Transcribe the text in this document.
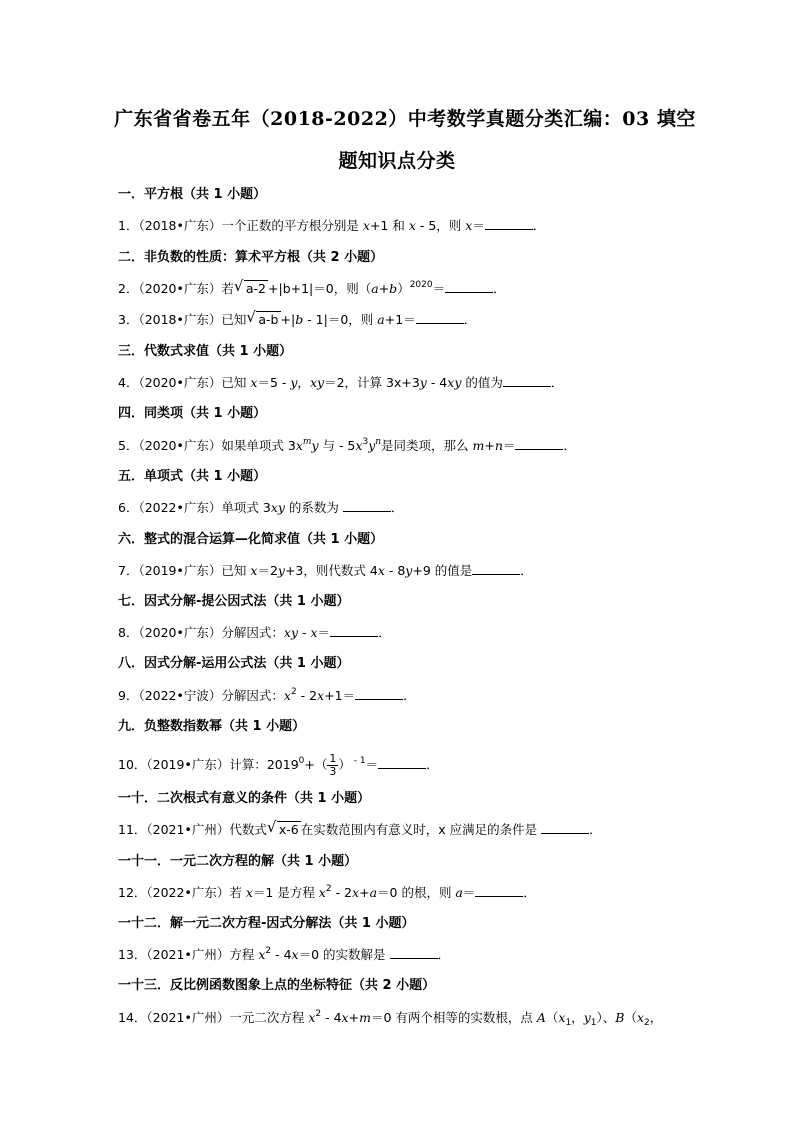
广东省省卷五年（2018-2022）中考数学真题分类汇编：03 填空
题知识点分类
一．平方根（共 1 小题）
1．（2018•广东）一个正数的平方根分别是 x+1 和 x - 5，则 x＝	．
二．非负数的性质：算术平方根（共 2 小题）
2．（2020•广东）若 √ a-2 +|b+1|＝0，则$(a+b)^{2020}=$	．
3．（2018•广东）已知 √ a-b +|b - 1|＝0，则 a+1＝	．
三．代数式求值（共 1 小题）
4．（2020•广东）已知 x＝5 - y，xy＝2，计算 3x+3y - 4xy 的值为	．
四．同类项（共 1 小题）
5．（2020•广东）如果单项式 $3x^my$ 与 - $5x^3y^n$是同类项，那么 m+n＝	．
五．单项式（共 1 小题）
6．（2022•广东）单项式 3xy 的系数为	．
六．整式的混合运算—化简求值（共 1 小题）
7．（2019•广东）已知 x＝2y+3，则代数式 4x - 8y+9 的值是	．
七．因式分解-提公因式法（共 1 小题）
8．（2020•广东）分解因式：xy - x＝	．
八．因式分解-运用公式法（共 1 小题）
9．（2022•宁波）分解因式：$x^2 - 2x+1=$	．
九．负整数指数幂（共 1 小题）
10．（2019•广东）计算：$2019^0+( \frac{1}{3}$ ） $^{- 1}$＝	．
一十．二次根式有意义的条件（共 1 小题）
11．（2021•广州）代数式 √ x-6 在实数范围内有意义时，x 应满足的条件是	．
一十一．一元二次方程的解（共 1 小题）
12．（2022•广东）若 x＝1 是方程 $x^2 - 2x+a=0$ 的根，则 a＝	．
一十二．解一元二次方程-因式分解法（共 1 小题）
13．（2021•广州）方程 $x^2 - 4x=0$ 的实数解是	．
一十三．反比例函数图象上点的坐标特征（共 2 小题）
14．（2021•广州）一元二次方程 $x^2 - 4x+m=0$ 有两个相等的实数根，点 $A(x_1$，$y_1$）、$B(x_2$，
